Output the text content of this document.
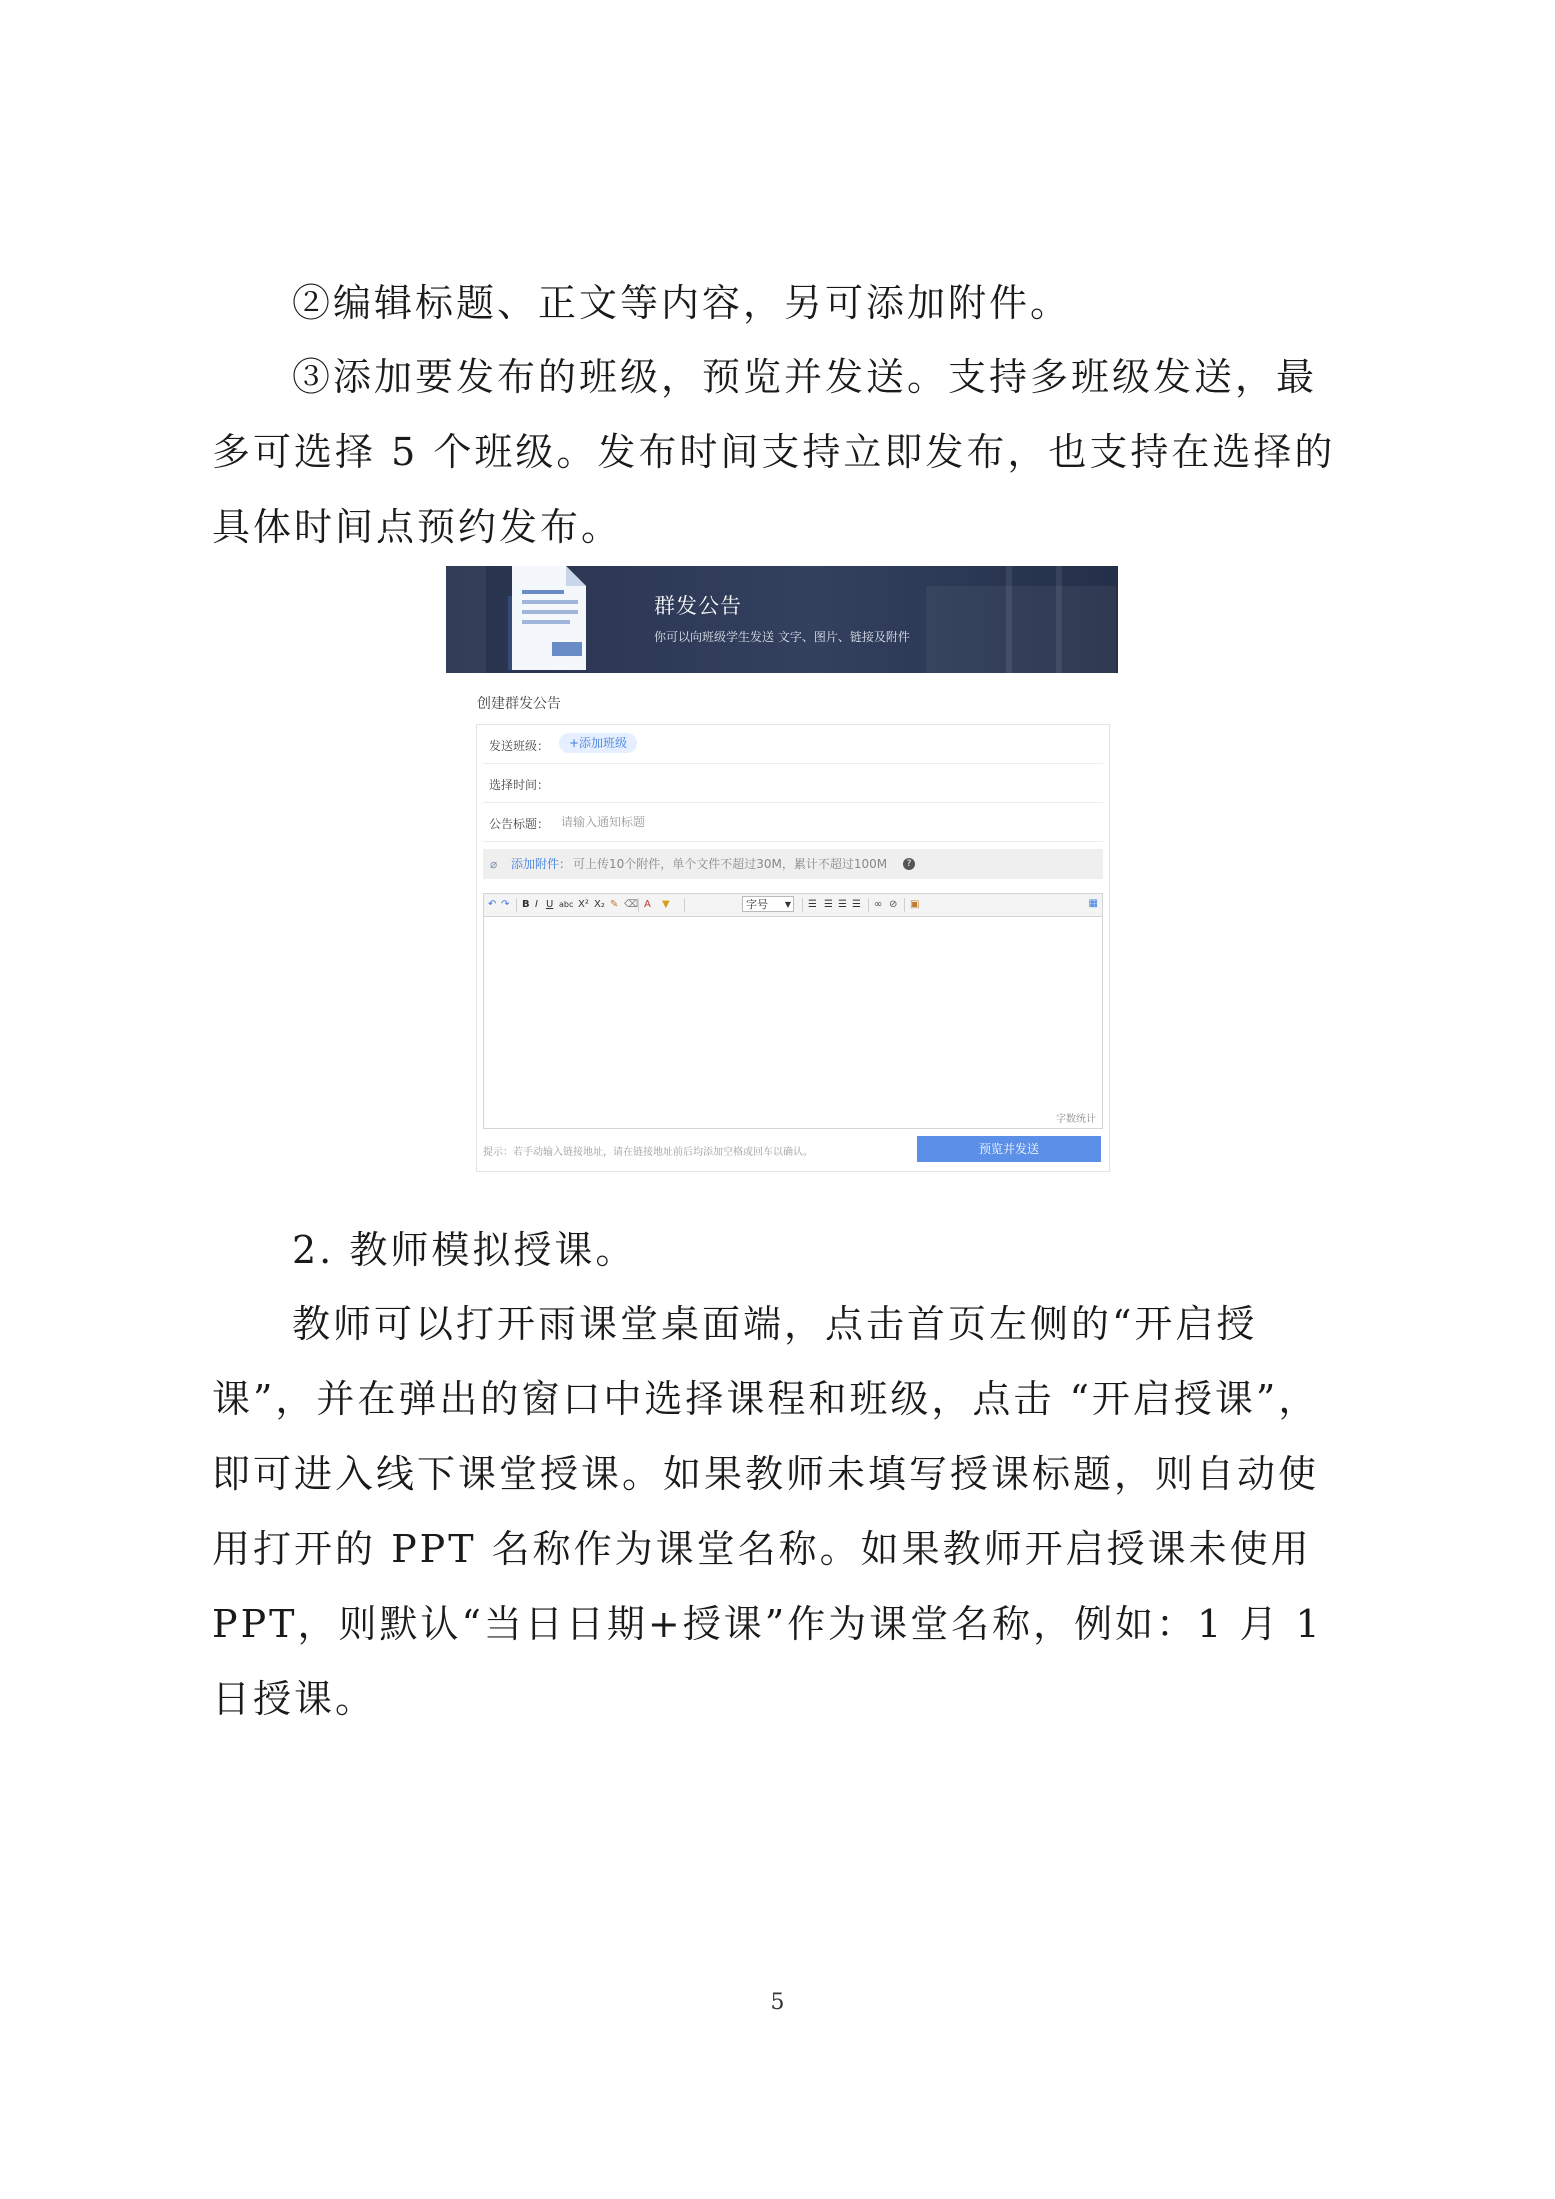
②编辑标题、正文等内容，另可添加附件。

③添加要发布的班级，预览并发送。支持多班级发送，最多可选择 5 个班级。发布时间支持立即发布，也支持在选择的具体时间点预约发布。

群发公告
你可以向班级学生发送 文字、图片、链接及附件
创建群发公告
发送班级：	+添加班级
选择时间：
公告标题：
请输入通知标题
⌀ 添加附件： 可上传10个附件，单个文件不超过30M，累计不超过100M	?
↶ ↷ B I U abc X² X₂ ✎ ⌫ A ▼	字号 ▼ ☰ ☰ ☰ ☰ ∞ ⊘ ▣	▦
字数统计
提示：若手动输入链接地址，请在链接地址前后均添加空格或回车以确认。	预览并发送

2. 教师模拟授课。

教师可以打开雨课堂桌面端，点击首页左侧的“开启授课”，并在弹出的窗口中选择课程和班级，点击 “开启授课”，即可进入线下课堂授课。如果教师未填写授课标题，则自动使用打开的 PPT 名称作为课堂名称。如果教师开启授课未使用 PPT，则默认“当日日期+授课”作为课堂名称，例如：1 月 1 日授课。

5
